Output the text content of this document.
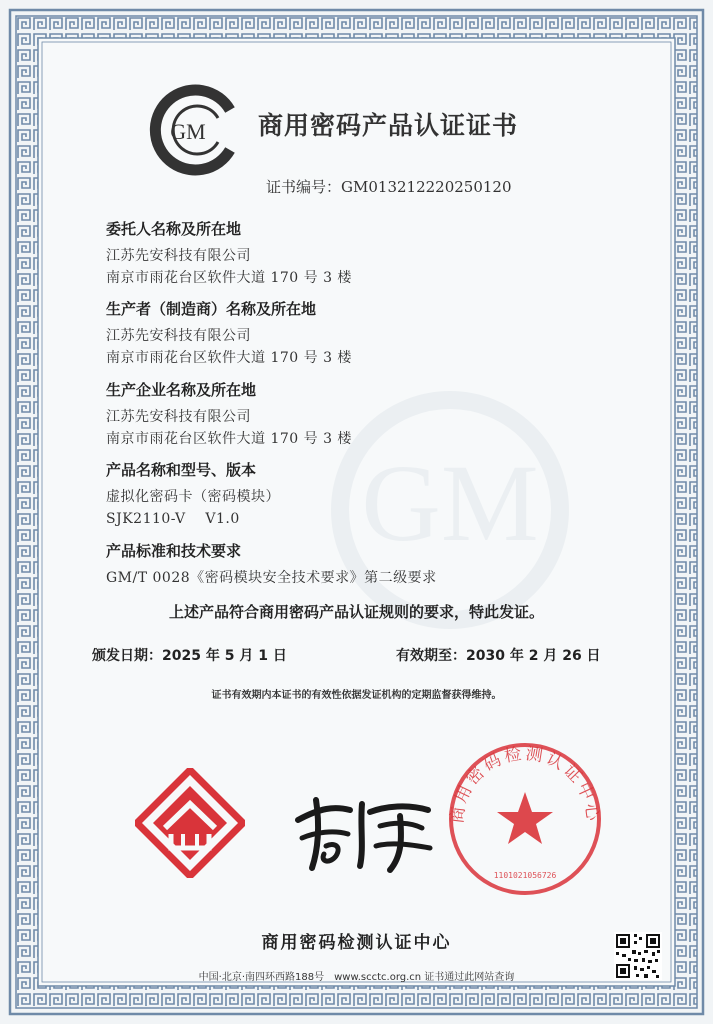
GM
GM 商用密码产品认证证书
证书编号：GM013212220250120
委托人名称及所在地
江苏先安科技有限公司
南京市雨花台区软件大道 170 号 3 楼
生产者（制造商）名称及所在地
江苏先安科技有限公司
南京市雨花台区软件大道 170 号 3 楼
生产企业名称及所在地
江苏先安科技有限公司
南京市雨花台区软件大道 170 号 3 楼
产品名称和型号、版本
虚拟化密码卡（密码模块）
SJK2110-V    V1.0
产品标准和技术要求
GM/T 0028《密码模块安全技术要求》第二级要求
上述产品符合商用密码产品认证规则的要求，特此发证。
颁发日期：2025 年 5 月 1 日	有效期至：2030 年 2 月 26 日
证书有效期内本证书的有效性依据发证机构的定期监督获得维持。
商用密码检测认证中心
1101021056726
商用密码检测认证中心
中国·北京·南四环西路188号　www.scctc.org.cn 证书通过此网站查询
